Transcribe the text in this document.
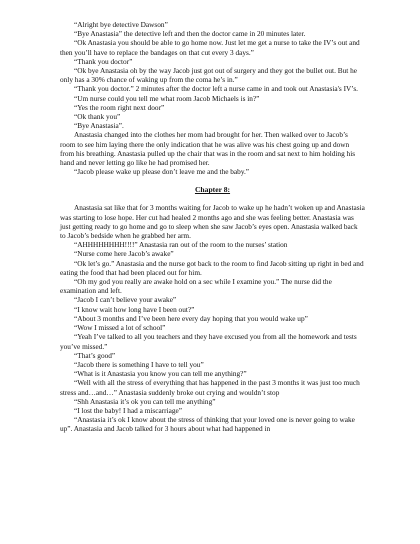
“Alright bye detective Dawson”

“Bye Anastasia” the detective left and then the doctor came in 20 minutes later.

“Ok Anastasia you should be able to go home now. Just let me get a nurse to take the IV’s out and then you’ll have to replace the bandages on that cut every 3 days.”

“Thank you doctor”

“Ok bye Anastasia oh by the way Jacob just got out of surgery and they got the bullet out. But he only has a 30% chance of waking up from the coma he’s in.”

“Thank you doctor.” 2 minutes after the doctor left a nurse came in and took out Anastasia's IV’s.

“Um nurse could you tell me what room Jacob Michaels is in?”

“Yes the room right next door”

“Ok thank you”

“Bye Anastasia”.

Anastasia changed into the clothes her mom had brought for her. Then walked over to Jacob’s room to see him laying there the only indication that he was alive was his chest going up and down from his breathing. Anastasia pulled up the chair that was in the room and sat next to him holding his hand and never letting go like he had promised her.

“Jacob please wake up please don’t leave me and the baby.”

Chapter 8:

Anastasia sat like that for 3 months waiting for Jacob to wake up he hadn’t woken up and Anastasia was starting to lose hope. Her cut had healed 2 months ago and she was feeling better. Anastasia was just getting ready to go home and go to sleep when she saw Jacob’s eyes open. Anastasia walked back to Jacob’s bedside when he grabbed her arm.

“AHHHHHHHH!!!!” Anastasia ran out of the room to the nurses’ station

“Nurse come here Jacob’s awake”

“Ok let’s go.” Anastasia and the nurse got back to the room to find Jacob sitting up right in bed and eating the food that had been placed out for him.

“Oh my god you really are awake hold on a sec while I examine you.” The nurse did the examination and left.

“Jacob I can’t believe your awake”

“I know wait how long have I been out?”

“About 3 months and I’ve been here every day hoping that you would wake up”

“Wow I missed a lot of school”

“Yeah I’ve talked to all you teachers and they have excused you from all the homework and tests you’ve missed.”

“That’s good”

“Jacob there is something I have to tell you”

“What is it Anastasia you know you can tell me anything?”

“Well with all the stress of everything that has happened in the past 3 months it was just too much stress and…and…” Anastasia suddenly broke out crying and wouldn’t stop

“Shh Anastasia it’s ok you can tell me anything”

“I lost the baby! I had a miscarriage”

“Anastasia it’s ok I know about the stress of thinking that your loved one is never going to wake up”. Anastasia and Jacob talked for 3 hours about what had happened in
